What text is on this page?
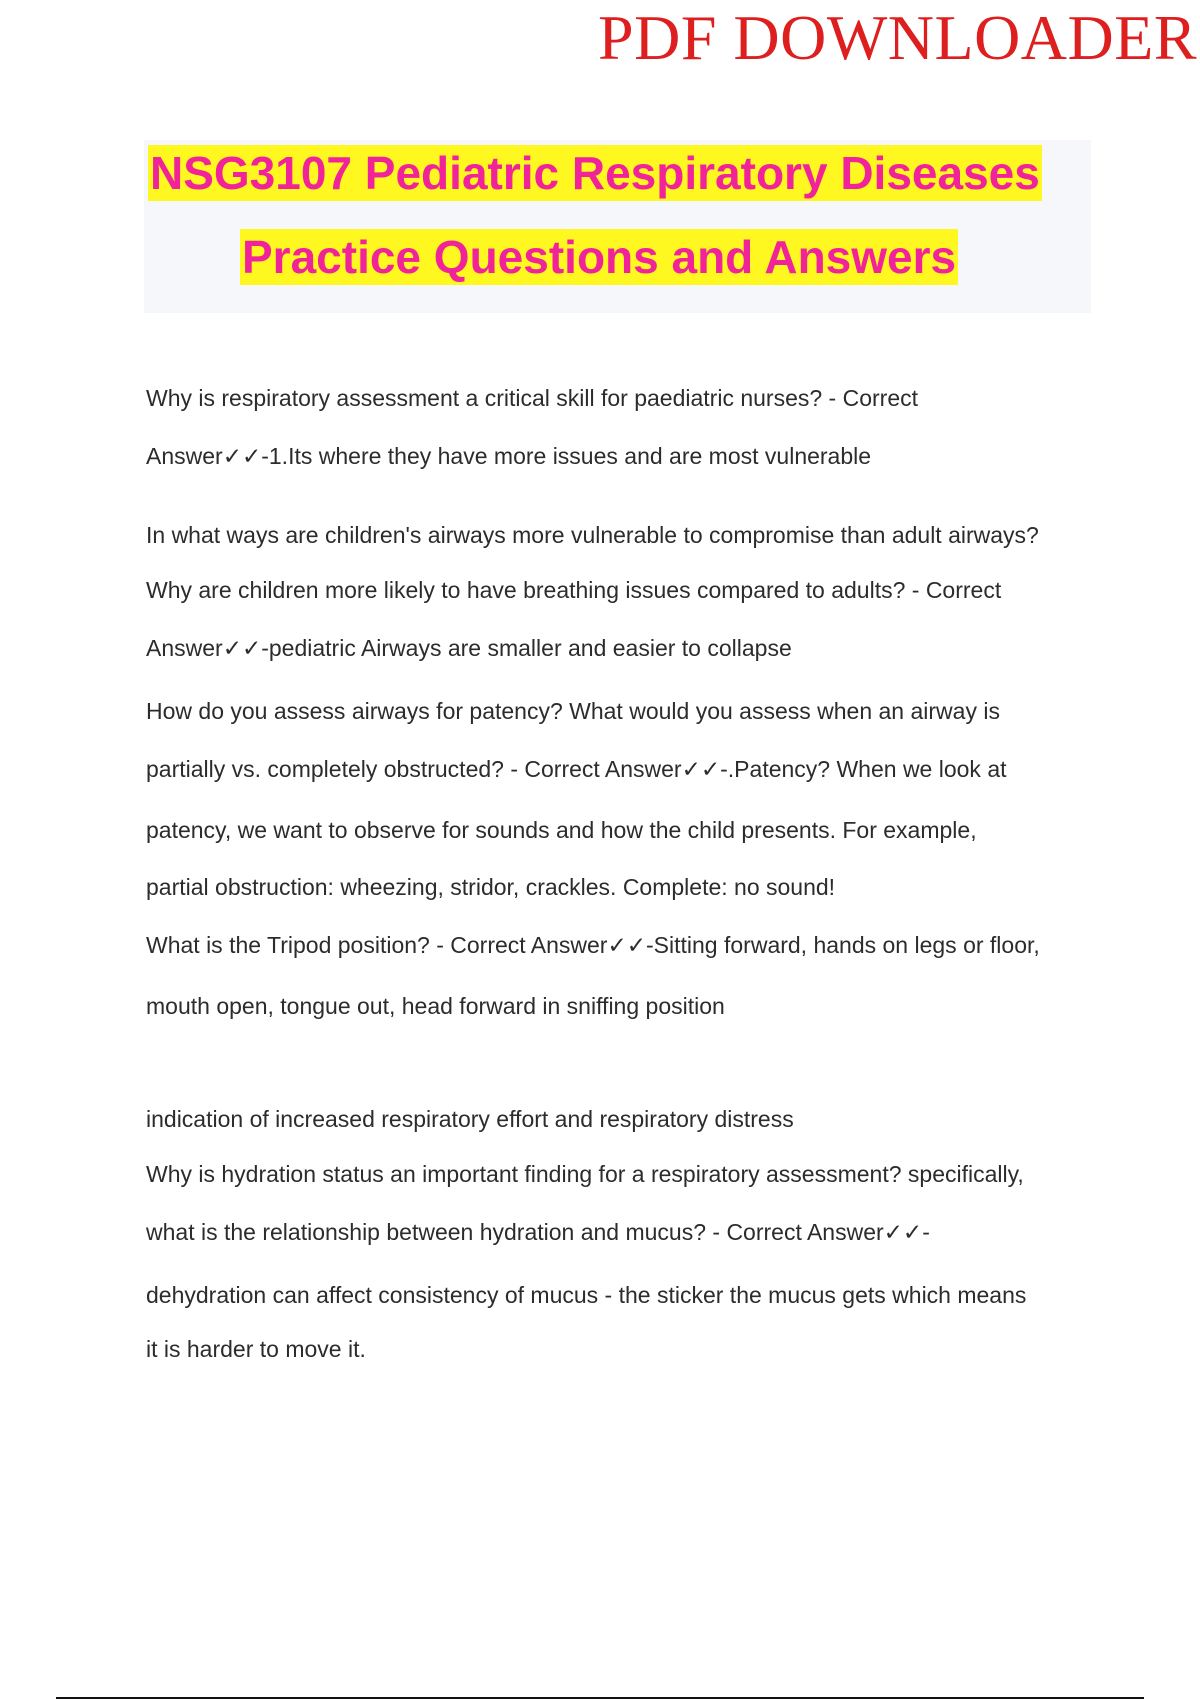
PDF DOWNLOADER
NSG3107 Pediatric Respiratory Diseases
Practice Questions and Answers
Why is respiratory assessment a critical skill for paediatric nurses? - Correct
Answer✓✓-1.Its where they have more issues and are most vulnerable
In what ways are children's airways more vulnerable to compromise than adult airways?
Why are children more likely to have breathing issues compared to adults? - Correct
Answer✓✓-pediatric Airways are smaller and easier to collapse
How do you assess airways for patency? What would you assess when an airway is
partially vs. completely obstructed? - Correct Answer✓✓-.Patency? When we look at
patency, we want to observe for sounds and how the child presents. For example,
partial obstruction: wheezing, stridor, crackles. Complete: no sound!
What is the Tripod position? - Correct Answer✓✓-Sitting forward, hands on legs or floor,
mouth open, tongue out, head forward in sniffing position
indication of increased respiratory effort and respiratory distress
Why is hydration status an important finding for a respiratory assessment? specifically,
what is the relationship between hydration and mucus? - Correct Answer✓✓-
dehydration can affect consistency of mucus - the sticker the mucus gets which means
it is harder to move it.
